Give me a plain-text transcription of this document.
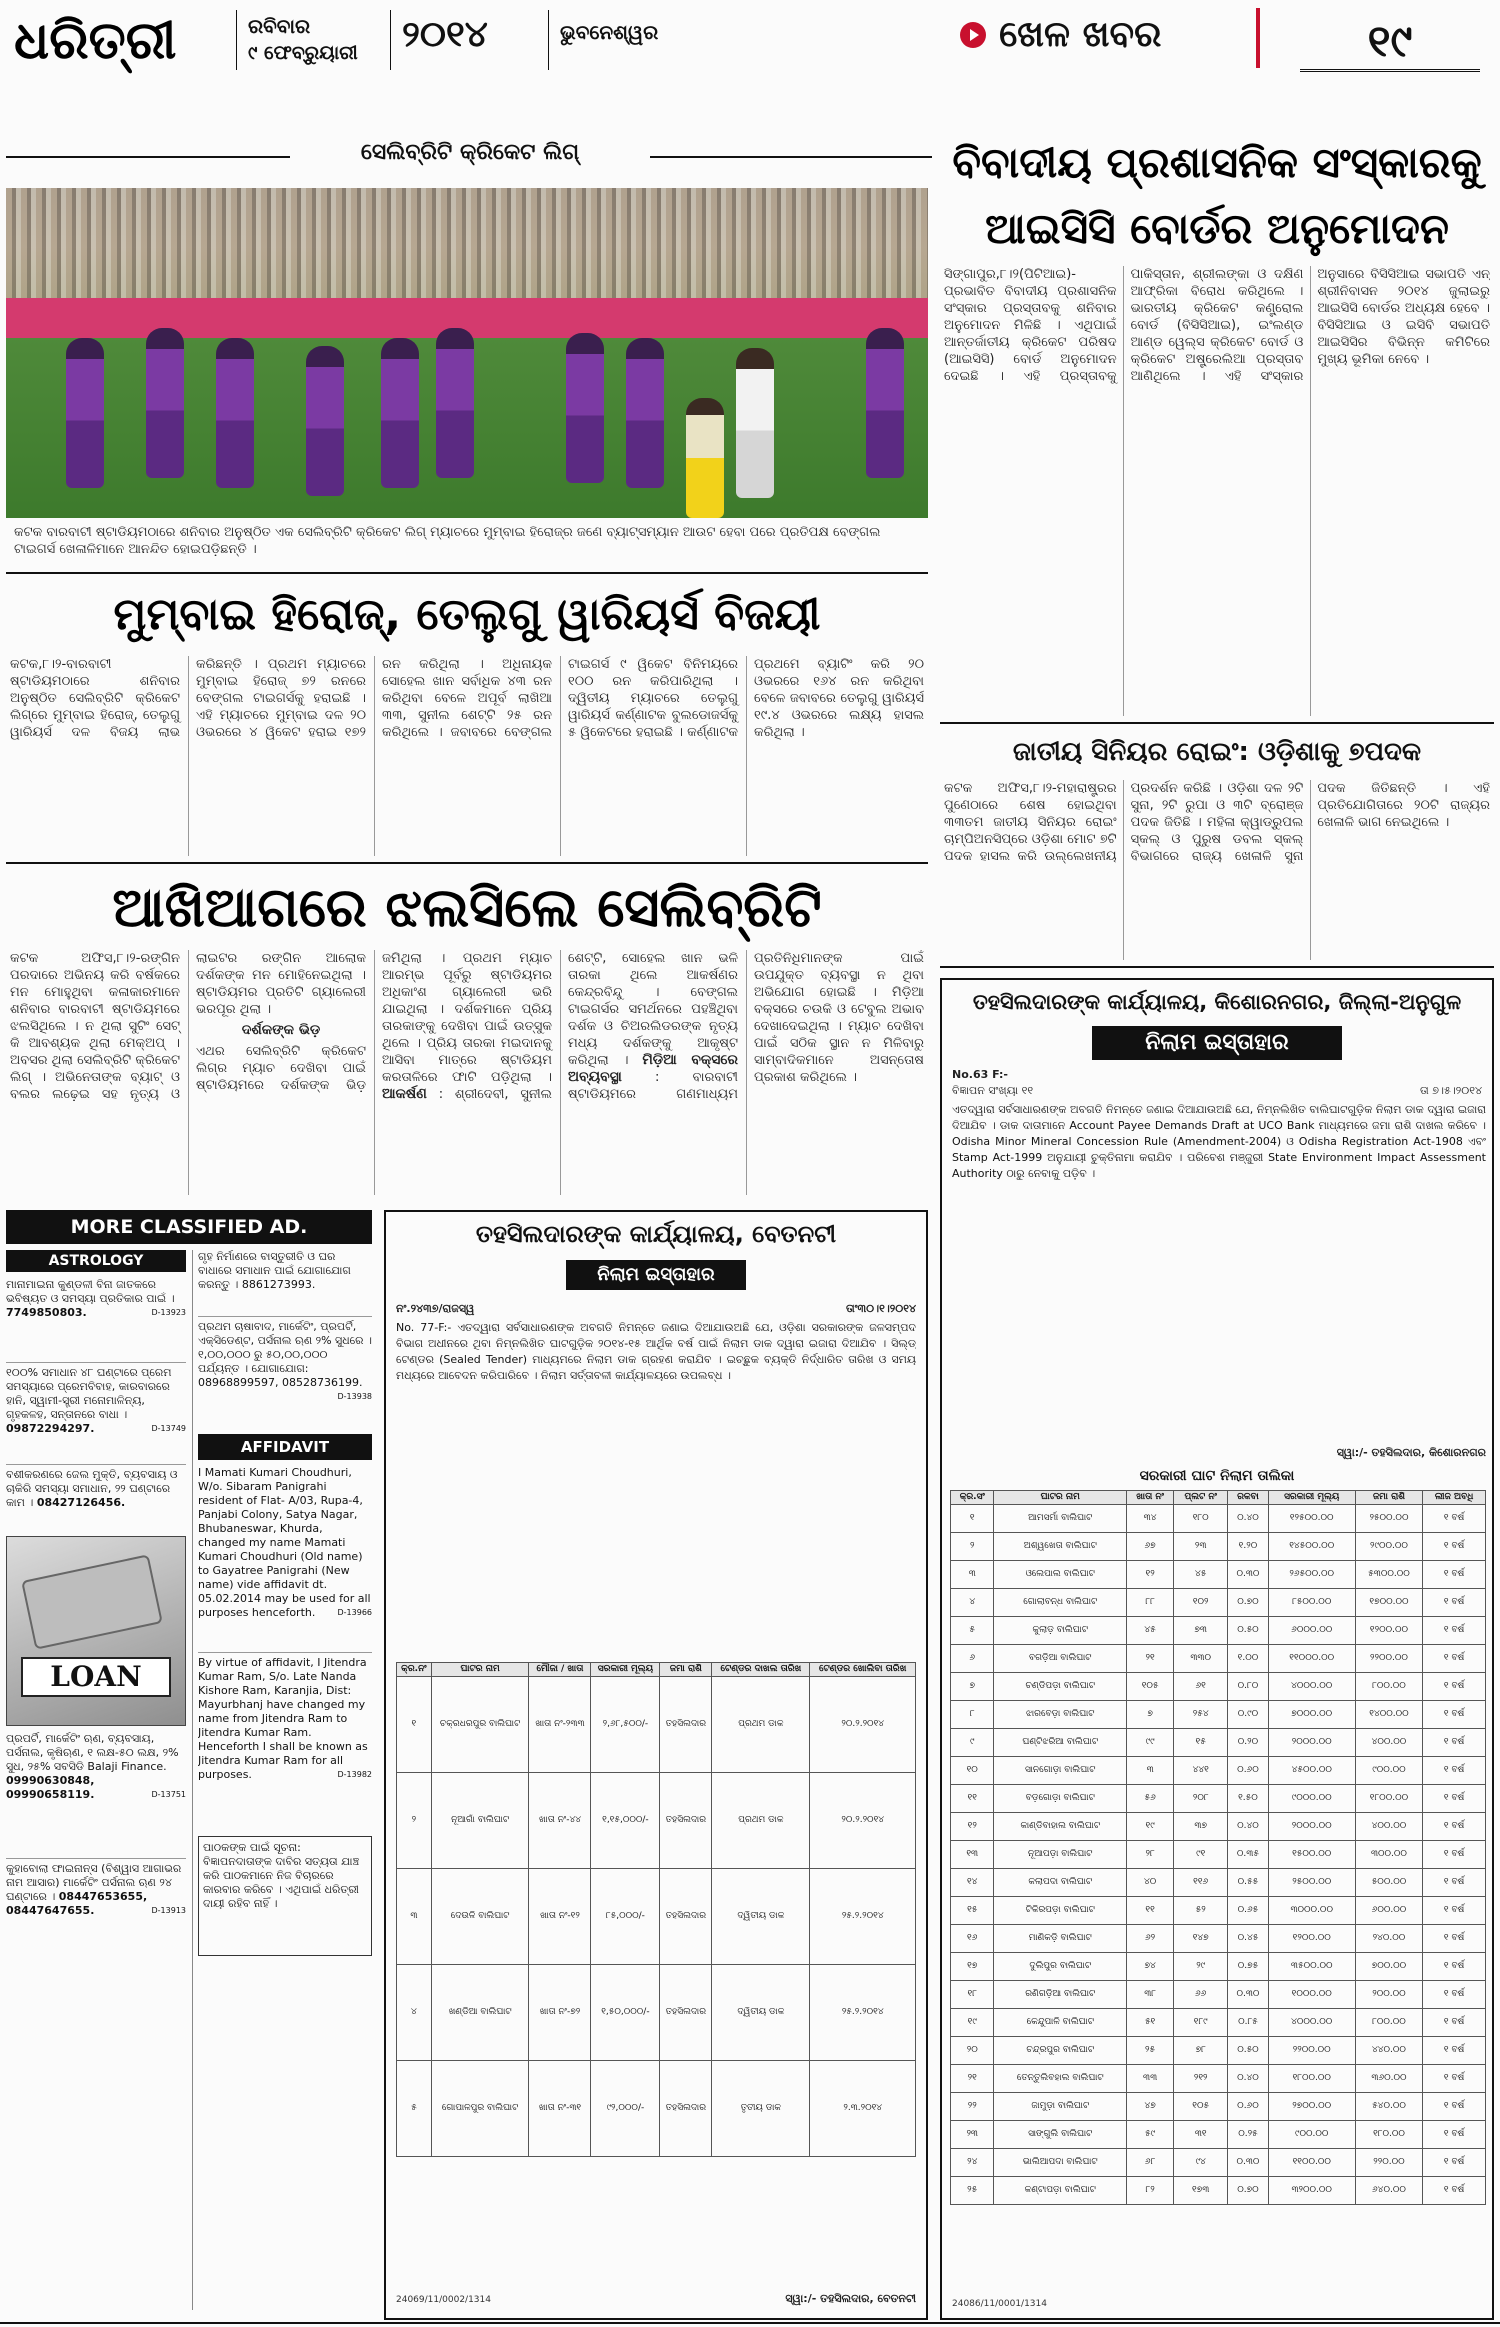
ଧରିତ୍ରୀ	ରବିବାର
୯ ଫେବ୍ରୁୟାରୀ	୨୦୧୪	ଭୁବନେଶ୍ୱର	ଖେଳ ଖବର	୧୯
ସେଲିବ୍ରିଟି କ୍ରିକେଟ ଲିଗ୍
କଟକ ବାରବାଟୀ ଷ୍ଟାଡିୟମଠାରେ ଶନିବାର ଅନୁଷ୍ଠିତ ଏକ ସେଲିବ୍ରିଟି କ୍ରିକେଟ ଲିଗ୍ ମ୍ୟାଚରେ ମୁମ୍ବାଇ ହିରୋଜ୍‌ର ଜଣେ ବ୍ୟାଟ୍ସମ୍ୟାନ ଆଉଟ ହେବା ପରେ ପ୍ରତିପକ୍ଷ ବେଙ୍ଗଲ ଟାଇଗର୍ସ ଖେଳାଳିମାନେ ଆନନ୍ଦିତ ହୋଇପଡ଼ିଛନ୍ତି ।
ମୁମ୍ବାଇ ହିରୋଜ୍‌, ତେଲୁଗୁ ୱାରିୟର୍ସ ବିଜୟୀ
କଟକ,୮।୨-ବାରବାଟୀ ଷ୍ଟାଡିୟମଠାରେ ଶନିବାର ଅନୁଷ୍ଠିତ ସେଲିବ୍ରିଟି କ୍ରିକେଟ ଲିଗ୍‌ରେ ମୁମ୍ବାଇ ହିରୋଜ୍, ତେଲୁଗୁ ୱାରିୟର୍ସ ଦଳ ବିଜୟ ଲାଭ କରିଛନ୍ତି । ପ୍ରଥମ ମ୍ୟାଚରେ ମୁମ୍ବାଇ ହିରୋଜ୍ ୭୨ ରନରେ ବେଙ୍ଗଲ ଟାଇଗର୍ସକୁ ହରାଇଛି । ଏହି ମ୍ୟାଚରେ ମୁମ୍ବାଇ ଦଳ ୨୦ ଓଭରରେ ୪ ୱିକେଟ ହରାଇ ୧୭୨ ରନ କରିଥିଲା । ଅଧିନାୟକ ସୋହେଲ ଖାନ ସର୍ବାଧିକ ୪୩ ରନ କରିଥିବା ବେଳେ ଅପୂର୍ବ ଲାଖିଆ ୩୩, ସୁନୀଲ ଶେଟ୍ଟି ୨୫ ରନ କରିଥିଲେ । ଜବାବରେ ବେଙ୍ଗଲ ଟାଇଗର୍ସ ୯ ୱିକେଟ ବିନିମୟରେ ୧୦୦ ରନ କରିପାରିଥିଲା । ଦ୍ୱିତୀୟ ମ୍ୟାଚରେ ତେଲୁଗୁ ୱାରିୟର୍ସ କର୍ଣ୍ଣାଟକ ବୁଲଡୋଜର୍ସକୁ ୫ ୱିକେଟରେ ହରାଇଛି । କର୍ଣ୍ଣାଟକ ପ୍ରଥମେ ବ୍ୟାଟିଂ କରି ୨୦ ଓଭରରେ ୧୬୪ ରନ କରିଥିବା ବେଳେ ଜବାବରେ ତେଲୁଗୁ ୱାରିୟର୍ସ ୧୯.୪ ଓଭରରେ ଲକ୍ଷ୍ୟ ହାସଲ କରିଥିଲା ।
ଆଖିଆଗରେ ଝଲସିଲେ ସେଲିବ୍ରିଟି
କଟକ ଅଫିସ,୮।୨-ରଙ୍ଗିନ ପରଦାରେ ଅଭିନୟ କରି ବର୍ଷକରେ ମନ ମୋହୁଥିବା କଳାକାରମାନେ ଶନିବାର ବାରବାଟୀ ଷ୍ଟାଡିୟମରେ ଝଲସିଥିଲେ । ନ ଥିଲା ସୁଟିଂ ସେଟ୍ କି ଆବଶ୍ୟକ ଥିଲା ମେକ୍ଅପ୍ । ଅବସର ଥିଲା ସେଲିବ୍ରିଟି କ୍ରିକେଟ ଲିଗ୍ । ଅଭିନେତାଙ୍କ ବ୍ୟାଟ୍ ଓ ବଲର ଲଢ଼େଇ ସହ ନୃତ୍ୟ ଓ ଲାଇଟର ରଙ୍ଗିନ ଆଲୋକ ଦର୍ଶକଙ୍କ ମନ ମୋହିନେଇଥିଲା । ଷ୍ଟାଡିୟମର ପ୍ରତିଟି ଗ୍ୟାଲେରୀ ଭରପୂର ଥିଲା ।
ଦର୍ଶକଙ୍କ ଭିଡ଼
ଏଥର ସେଲିବ୍ରିଟି କ୍ରିକେଟ ଲିଗ୍‌ର ମ୍ୟାଚ ଦେଖିବା ପାଇଁ ଷ୍ଟାଡିୟମରେ ଦର୍ଶକଙ୍କ ଭିଡ଼ ଜମିଥିଲା । ପ୍ରଥମ ମ୍ୟାଚ ଆରମ୍ଭ ପୂର୍ବରୁ ଷ୍ଟାଡିୟମର ଅଧିକାଂଶ ଗ୍ୟାଲେରୀ ଭରି ଯାଇଥିଲା । ଦର୍ଶକମାନେ ପ୍ରିୟ ତାରକାଙ୍କୁ ଦେଖିବା ପାଇଁ ଉତ୍ସୁକ ଥିଲେ । ପ୍ରିୟ ତାରକା ମଇଦାନକୁ ଆସିବା ମାତ୍ରେ ଷ୍ଟାଡିୟମ କରତାଳିରେ ଫାଟି ପଡ଼ିଥିଲା । ଆକର୍ଷଣ : ଶ୍ରୀଦେବୀ, ସୁନୀଲ ଶେଟ୍ଟି, ସୋହେଲ ଖାନ ଭଳି ତାରକା ଥିଲେ ଆକର୍ଷଣର କେନ୍ଦ୍ରବିନ୍ଦୁ । ବେଙ୍ଗଲ ଟାଇଗର୍ସର ସମର୍ଥନରେ ପହଞ୍ଚିଥିବା ଦର୍ଶକ ଓ ଚିଅରଲିଡରଙ୍କ ନୃତ୍ୟ ମଧ୍ୟ ଦର୍ଶକଙ୍କୁ ଆକୃଷ୍ଟ କରିଥିଲା । ମିଡ଼ିଆ ବକ୍ସରେ ଅବ୍ୟବସ୍ଥା	: ବାରବାଟୀ ଷ୍ଟାଡିୟମରେ ଗଣମାଧ୍ୟମ ପ୍ରତିନିଧିମାନଙ୍କ ପାଇଁ ଉପଯୁକ୍ତ ବ୍ୟବସ୍ଥା ନ ଥିବା ଅଭିଯୋଗ ହୋଇଛି । ମିଡ଼ିଆ ବକ୍ସରେ ଚଉକି ଓ ଟେବୁଲ ଅଭାବ ଦେଖାଦେଇଥିଲା । ମ୍ୟାଚ ଦେଖିବା ପାଇଁ ସଠିକ ସ୍ଥାନ ନ ମିଳିବାରୁ ସାମ୍ବାଦିକମାନେ ଅସନ୍ତୋଷ ପ୍ରକାଶ କରିଥିଲେ ।
MORE CLASSIFIED AD.
ASTROLOGY
ମାନାମାଇନା କୁଣ୍ଡଳୀ ବିନା ଜାତକରେ ଭବିଷ୍ୟତ ଓ ସମସ୍ୟା ପ୍ରତିକାର ପାଇଁ । 7749850803.	D-13923
୧୦୦% ସମାଧାନ ୪୮ ଘଣ୍ଟାରେ ପ୍ରେମ ସମସ୍ୟାରେ ପ୍ରେମବିବାହ, କାରବାରରେ ହାନି, ସ୍ୱାମୀ-ସ୍ତ୍ରୀ ମନୋମାଳିନ୍ୟ, ଗୃହକଳହ, ସନ୍ତାନରେ ବାଧା । 09872294297.	D-13749
ବଶୀକରଣରେ ଜେଲ ମୁକ୍ତି, ବ୍ୟବସାୟ ଓ ଚାକିରି ସମସ୍ୟା ସମାଧାନ, ୨୨ ଘଣ୍ଟାରେ କାମ । 08427126456.
LOAN
ପ୍ରପର୍ଟି, ମାର୍କେଟିଂ ଋଣ, ବ୍ୟବସାୟ, ପର୍ସନାଲ, କୃଷିଋଣ, ୧ ଲକ୍ଷ-୫୦ ଲକ୍ଷ, ୨% ସୁଧ, ୨୫% ସବସିଡି Balaji Finance. 09990630848, 09990658119.	D-13751
କୁହାବୋଲା ଫାଇନାନ୍ସ (ବିଶ୍ୱାସ ଆଗାଭର ନାମ ଆସାର) ମାର୍କେଟିଂ ପର୍ସନାଲ ଋଣ ୨୪ ଘଣ୍ଟାରେ । 08447653655, 08447647655.	D-13913
ଗୃହ ନିର୍ମାଣରେ ବାସ୍ତୁରୀତି ଓ ଘର ବାଧାରେ ସମାଧାନ ପାଇଁ ଯୋଗାଯୋଗ କରନ୍ତୁ । 8861273993.
ପ୍ରଥମ ଚାଷାବାଦ, ମାର୍କେଟିଂ, ପ୍ରପର୍ଟି, ଏକ୍ସିଡେଣ୍ଟ, ପର୍ସନାଲ ଋଣ ୨% ସୁଧରେ । ୧,୦୦,୦୦୦ ରୁ ୫୦,୦୦,୦୦୦ ପର୍ଯ୍ୟନ୍ତ । ଯୋଗାଯୋଗ: 08968899597, 08528736199.
D-13938
AFFIDAVIT
I Mamati Kumari Choudhuri, W/o. Sibaram Panigrahi resident of Flat- A/03, Rupa-4, Panjabi Colony, Satya Nagar, Bhubaneswar, Khurda, changed my name Mamati Kumari Choudhuri (Old name) to Gayatree Panigrahi (New name) vide affidavit dt. 05.02.2014 may be used for all purposes henceforth.	D-13966
By virtue of affidavit, I Jitendra Kumar Ram, S/o. Late Nanda Kishore Ram, Karanjia, Dist: Mayurbhanj have changed my name from Jitendra Ram to Jitendra Kumar Ram. Henceforth I shall be known as Jitendra Kumar Ram for all purposes.	D-13982
ପାଠକଙ୍କ ପାଇଁ ସୂଚନା: ବିଜ୍ଞାପନଦାତାଙ୍କ ଦାବିର ସତ୍ୟତା ଯାଞ୍ଚ କରି ପାଠକମାନେ ନିଜ ବିଚାରରେ କାରବାର କରିବେ । ଏଥିପାଇଁ ଧରିତ୍ରୀ ଦାୟୀ ରହିବ ନାହିଁ ।
ତହସିଲଦାରଙ୍କ କାର୍ଯ୍ୟାଳୟ, ବେତନଟୀ
ନିଲାମ ଇସ୍ତାହାର
ନଂ.୨୪୩୭/ରାଜସ୍ୱ	ତାଂ୩୦।୧।୨୦୧୪
No. 77-F:- ଏତଦ୍ୱାରା ସର୍ବସାଧାରଣଙ୍କ ଅବଗତି ନିମନ୍ତେ ଜଣାଇ ଦିଆଯାଉଅଛି ଯେ, ଓଡ଼ିଶା ସରକାରଙ୍କ ଜଳସମ୍ପଦ ବିଭାଗ ଅଧୀନରେ ଥିବା ନିମ୍ନଲିଖିତ ଘାଟଗୁଡ଼ିକ ୨୦୧୪-୧୫ ଆର୍ଥିକ ବର୍ଷ ପାଇଁ ନିଲାମ ଡାକ ଦ୍ୱାରା ଇଜାରା ଦିଆଯିବ । ସିଲ୍‌ଡ୍ ଟେଣ୍ଡର (Sealed Tender) ମାଧ୍ୟମରେ ନିଲାମ ଡାକ ଗ୍ରହଣ କରାଯିବ । ଇଚ୍ଛୁକ ବ୍ୟକ୍ତି ନିର୍ଦ୍ଧାରିତ ତାରିଖ ଓ ସମୟ ମଧ୍ୟରେ ଆବେଦନ କରିପାରିବେ । ନିଲାମ ସର୍ତ୍ତାବଳୀ କାର୍ଯ୍ୟାଳୟରେ ଉପଲବ୍ଧ ।
କ୍ର.ନଂ	ଘାଟର ନାମ	ମୌଜା / ଖାତା	ସରକାରୀ ମୂଲ୍ୟ	ଜମା ରାଶି	ଟେଣ୍ଡର ଦାଖଲ ତାରିଖ	ଟେଣ୍ଡର ଖୋଲିବା ତାରିଖ
୧	ଚକ୍ରଧରପୁର ବାଲିଘାଟ	ଖାତା ନଂ-୨୩୩	୨,୬୮,୫୦୦/-	ତହସିଲଦାର	ପ୍ରଥମ ଡାକ	୨୦.୨.୨୦୧୪
୨	ନୂଆଗାଁ ବାଲିଘାଟ	ଖାତା ନଂ-୪୪	୧,୧୫,୦୦୦/-	ତହସିଲଦାର	ପ୍ରଥମ ଡାକ	୨୦.୨.୨୦୧୪
୩	ଦେଉଳି ବାଲିଘାଟ	ଖାତା ନଂ-୧୨	୮୫,୦୦୦/-	ତହସିଲଦାର	ଦ୍ୱିତୀୟ ଡାକ	୨୫.୨.୨୦୧୪
୪	ଖଣ୍ଡିଆ ବାଲିଘାଟ	ଖାତା ନଂ-୭୨	୧,୫୦,୦୦୦/-	ତହସିଲଦାର	ଦ୍ୱିତୀୟ ଡାକ	୨୫.୨.୨୦୧୪
୫	ଗୋପାଳପୁର ବାଲିଘାଟ	ଖାତା ନଂ-୩୧	୯୨,୦୦୦/-	ତହସିଲଦାର	ତୃତୀୟ ଡାକ	୨.୩.୨୦୧୪
24069/11/0002/1314	ସ୍ୱା:/- ତହସିଲଦାର, ବେତନଟୀ
ବିବାଦୀୟ ପ୍ରଶାସନିକ ସଂସ୍କାରକୁ
ଆଇସିସି ବୋର୍ଡର ଅନୁମୋଦନ
ସିଙ୍ଗାପୁର,୮।୨(ପିଟିଆଇ)-ପ୍ରଭାବିତ ବିବାଦୀୟ ପ୍ରଶାସନିକ ସଂସ୍କାର ପ୍ରସ୍ତାବକୁ ଶନିବାର ଅନୁମୋଦନ ମିଳିଛି । ଏଥିପାଇଁ ଆନ୍ତର୍ଜାତୀୟ କ୍ରିକେଟ ପରିଷଦ (ଆଇସିସି) ବୋର୍ଡ ଅନୁମୋଦନ ଦେଇଛି । ଏହି ପ୍ରସ୍ତାବକୁ ପାକିସ୍ତାନ, ଶ୍ରୀଲଙ୍କା ଓ ଦକ୍ଷିଣ ଆଫ୍ରିକା ବିରୋଧ କରିଥିଲେ । ଭାରତୀୟ କ୍ରିକେଟ କଣ୍ଟ୍ରୋଲ ବୋର୍ଡ (ବିସିସିଆଇ), ଇଂଲଣ୍ଡ ଆଣ୍ଡ ୱେଲ୍ସ କ୍ରିକେଟ ବୋର୍ଡ ଓ କ୍ରିକେଟ ଅଷ୍ଟ୍ରେଲିଆ ପ୍ରସ୍ତାବ ଆଣିଥିଲେ । ଏହି ସଂସ୍କାର ଅନୁସାରେ ବିସିସିଆଇ ସଭାପତି ଏନ୍ ଶ୍ରୀନିବାସନ ୨୦୧୪ ଜୁଲାଇରୁ ଆଇସିସି ବୋର୍ଡର ଅଧ୍ୟକ୍ଷ ହେବେ । ବିସିସିଆଇ ଓ ଇସିବି ସଭାପତି ଆଇସିସିର ବିଭିନ୍ନ କମିଟିରେ ମୁଖ୍ୟ ଭୂମିକା ନେବେ ।
ଜାତୀୟ ସିନିୟର ରୋଇଂ: ଓଡ଼ିଶାକୁ ୭ପଦକ
କଟକ ଅଫିସ,୮।୨-ମହାରାଷ୍ଟ୍ରର ପୁଣେଠାରେ ଶେଷ ହୋଇଥିବା ୩୩ତମ ଜାତୀୟ ସିନିୟର ରୋଇଂ ଚାମ୍ପିଅନସିପ୍‌ରେ ଓଡ଼ିଶା ମୋଟ ୭ଟି ପଦକ ହାସଲ କରି ଉଲ୍ଲେଖନୀୟ ପ୍ରଦର୍ଶନ କରିଛି । ଓଡ଼ିଶା ଦଳ ୨ଟି ସୁନା, ୨ଟି ରୁପା ଓ ୩ଟି ବ୍ରୋଞ୍ଜ ପଦକ ଜିତିଛି । ମହିଳା କ୍ୱାଡ୍ରୁପଲ ସ୍କଲ୍ ଓ ପୁରୁଷ ଡବଲ ସ୍କଲ୍ ବିଭାଗରେ ରାଜ୍ୟ ଖେଳାଳି ସୁନା ପଦକ ଜିତିଛନ୍ତି । ଏହି ପ୍ରତିଯୋଗିତାରେ ୨୦ଟି ରାଜ୍ୟର ଖେଳାଳି ଭାଗ ନେଇଥିଲେ ।
ତହସିଲଦାରଙ୍କ କାର୍ଯ୍ୟାଳୟ, କିଶୋରନଗର, ଜିଲ୍ଲା-ଅନୁଗୁଳ
ନିଲାମ ଇସ୍ତାହାର
No.63 F:-
ବିଜ୍ଞାପନ ସଂଖ୍ୟା ୧୧	ତା ୭।୫।୨୦୧୪
ଏତଦ୍ୱାରା ସର୍ବସାଧାରଣଙ୍କ ଅବଗତି ନିମନ୍ତେ ଜଣାଇ ଦିଆଯାଉଅଛି ଯେ, ନିମ୍ନଲିଖିତ ବାଲିଘାଟଗୁଡ଼ିକ ନିଲାମ ଡାକ ଦ୍ୱାରା ଇଜାରା ଦିଆଯିବ । ଡାକ ଦାତାମାନେ Account Payee Demands Draft at UCO Bank ମାଧ୍ୟମରେ ଜମା ରାଶି ଦାଖଲ କରିବେ । Odisha Minor Mineral Concession Rule (Amendment-2004) ଓ Odisha Registration Act-1908 ଏବଂ Stamp Act-1999 ଅନୁଯାୟୀ ଚୁକ୍ତିନାମା କରାଯିବ । ପରିବେଶ ମଞ୍ଜୁରୀ State Environment Impact Assessment Authority ଠାରୁ ନେବାକୁ ପଡ଼ିବ ।
ସ୍ୱା:/- ତହସିଲଦାର, କିଶୋରନଗର
ସରକାରୀ ଘାଟ ନିଲାମ ତାଲିକା
କ୍ର.ସଂ	ଘାଟର ନାମ	ଖାତା ନଂ	ପ୍ଲଟ ନଂ	ରକବା	ସରକାରୀ ମୂଲ୍ୟ	ଜମା ରାଶି	ଲୀଜ ଅବଧି
୧	ଆମସର୍ମା ବାଲିଘାଟ	୩୪	୧୮୦	୦.୪୦	୧୨୫୦୦.୦୦	୨୫୦୦.୦୦	୧ ବର୍ଷ
୨	ଅଶ୍ୱଖେତା ବାଲିଘାଟ	୬୭	୨୩	୧.୨୦	୧୪୫୦୦.୦୦	୨୯୦୦.୦୦	୧ ବର୍ଷ
୩	ଓଲେପାଲ ବାଲିଘାଟ	୧୨	୪୫	୦.୩୦	୨୬୫୦୦.୦୦	୫୩୦୦.୦୦	୧ ବର୍ଷ
୪	ଗୋଲାବନ୍ଧ ବାଲିଘାଟ	୮୮	୧୦୨	୦.୭୦	୮୫୦୦.୦୦	୧୭୦୦.୦୦	୧ ବର୍ଷ
୫	କୁଲାଡ଼ ବାଲିଘାଟ	୪୫	୭୩	୦.୫୦	୬୦୦୦.୦୦	୧୨୦୦.୦୦	୧ ବର୍ଷ
୬	ବଗଡ଼ିଆ ବାଲିଘାଟ	୨୧	୩୩୦	୧.୦୦	୧୧୦୦୦.୦୦	୨୨୦୦.୦୦	୧ ବର୍ଷ
୭	ଚଣ୍ଡିପଡ଼ା ବାଲିଘାଟ	୧୦୫	୬୧	୦.୮୦	୪୦୦୦.୦୦	୮୦୦.୦୦	୧ ବର୍ଷ
୮	ଝାରବେଡ଼ା ବାଲିଘାଟ	୭	୨୫୪	୦.୯୦	୭୦୦୦.୦୦	୧୪୦୦.୦୦	୧ ବର୍ଷ
୯	ଘଣ୍ଟିଝରିଆ ବାଲିଘାଟ	୯୯	୧୫	୦.୨୦	୨୦୦୦.୦୦	୪୦୦.୦୦	୧ ବର୍ଷ
୧୦	ସାନଗୋଡ଼ା ବାଲିଘାଟ	୩	୪୪୧	୦.୬୦	୪୫୦୦.୦୦	୯୦୦.୦୦	୧ ବର୍ଷ
୧୧	ବଡ଼ଗୋଡ଼ା ବାଲିଘାଟ	୫୬	୨୦୮	୧.୫୦	୯୦୦୦.୦୦	୧୮୦୦.୦୦	୧ ବର୍ଷ
୧୨	କାଣ୍ଡିବାହାଲ ବାଲିଘାଟ	୧୯	୩୭	୦.୪୦	୨୦୦୦.୦୦	୪୦୦.୦୦	୧ ବର୍ଷ
୧୩	ନୂଆପଡ଼ା ବାଲିଘାଟ	୨୮	୯୧	୦.୩୫	୧୫୦୦.୦୦	୩୦୦.୦୦	୧ ବର୍ଷ
୧୪	କଲାପଦା ବାଲିଘାଟ	୪୦	୧୧୬	୦.୫୫	୨୫୦୦.୦୦	୫୦୦.୦୦	୧ ବର୍ଷ
୧୫	ଟିକିରପଡ଼ା ବାଲିଘାଟ	୧୧	୫୨	୦.୬୫	୩୦୦୦.୦୦	୬୦୦.୦୦	୧ ବର୍ଷ
୧୬	ମାଣିକଡ଼ି ବାଲିଘାଟ	୬୨	୧୪୭	୦.୪୫	୧୨୦୦.୦୦	୨୪୦.୦୦	୧ ବର୍ଷ
୧୭	ଦୁଲିପୁର ବାଲିଘାଟ	୭୪	୨୯	୦.୭୫	୩୫୦୦.୦୦	୭୦୦.୦୦	୧ ବର୍ଷ
୧୮	ରଣିଗଡ଼ିଆ ବାଲିଘାଟ	୩୮	୬୬	୦.୩୦	୧୦୦୦.୦୦	୨୦୦.୦୦	୧ ବର୍ଷ
୧୯	କେନ୍ଦୁପାଳି ବାଲିଘାଟ	୫୧	୧୮୯	୦.୮୫	୪୦୦୦.୦୦	୮୦୦.୦୦	୧ ବର୍ଷ
୨୦	ଚନ୍ଦ୍ରପୁର ବାଲିଘାଟ	୨୫	୭୮	୦.୫୦	୨୨୦୦.୦୦	୪୪୦.୦୦	୧ ବର୍ଷ
୨୧	ତେନ୍ତୁଲିବହାଲ ବାଲିଘାଟ	୩୩	୨୧୨	୦.୪୦	୧୮୦୦.୦୦	୩୬୦.୦୦	୧ ବର୍ଷ
୨୨	ଜାମୁଡ଼ା ବାଲିଘାଟ	୪୭	୧୦୫	୦.୬୦	୨୭୦୦.୦୦	୫୪୦.୦୦	୧ ବର୍ଷ
୨୩	ସାଙ୍ଗୁଲି ବାଲିଘାଟ	୫୯	୩୧	୦.୨୫	୯୦୦.୦୦	୧୮୦.୦୦	୧ ବର୍ଷ
୨୪	ଭାଲିଆପଦା ବାଲିଘାଟ	୬୮	୯୪	୦.୩୦	୧୧୦୦.୦୦	୨୨୦.୦୦	୧ ବର୍ଷ
୨୫	କଣ୍ଟାପଡ଼ା ବାଲିଘାଟ	୮୨	୧୭୩	୦.୭୦	୩୨୦୦.୦୦	୬୪୦.୦୦	୧ ବର୍ଷ
24086/11/0001/1314
